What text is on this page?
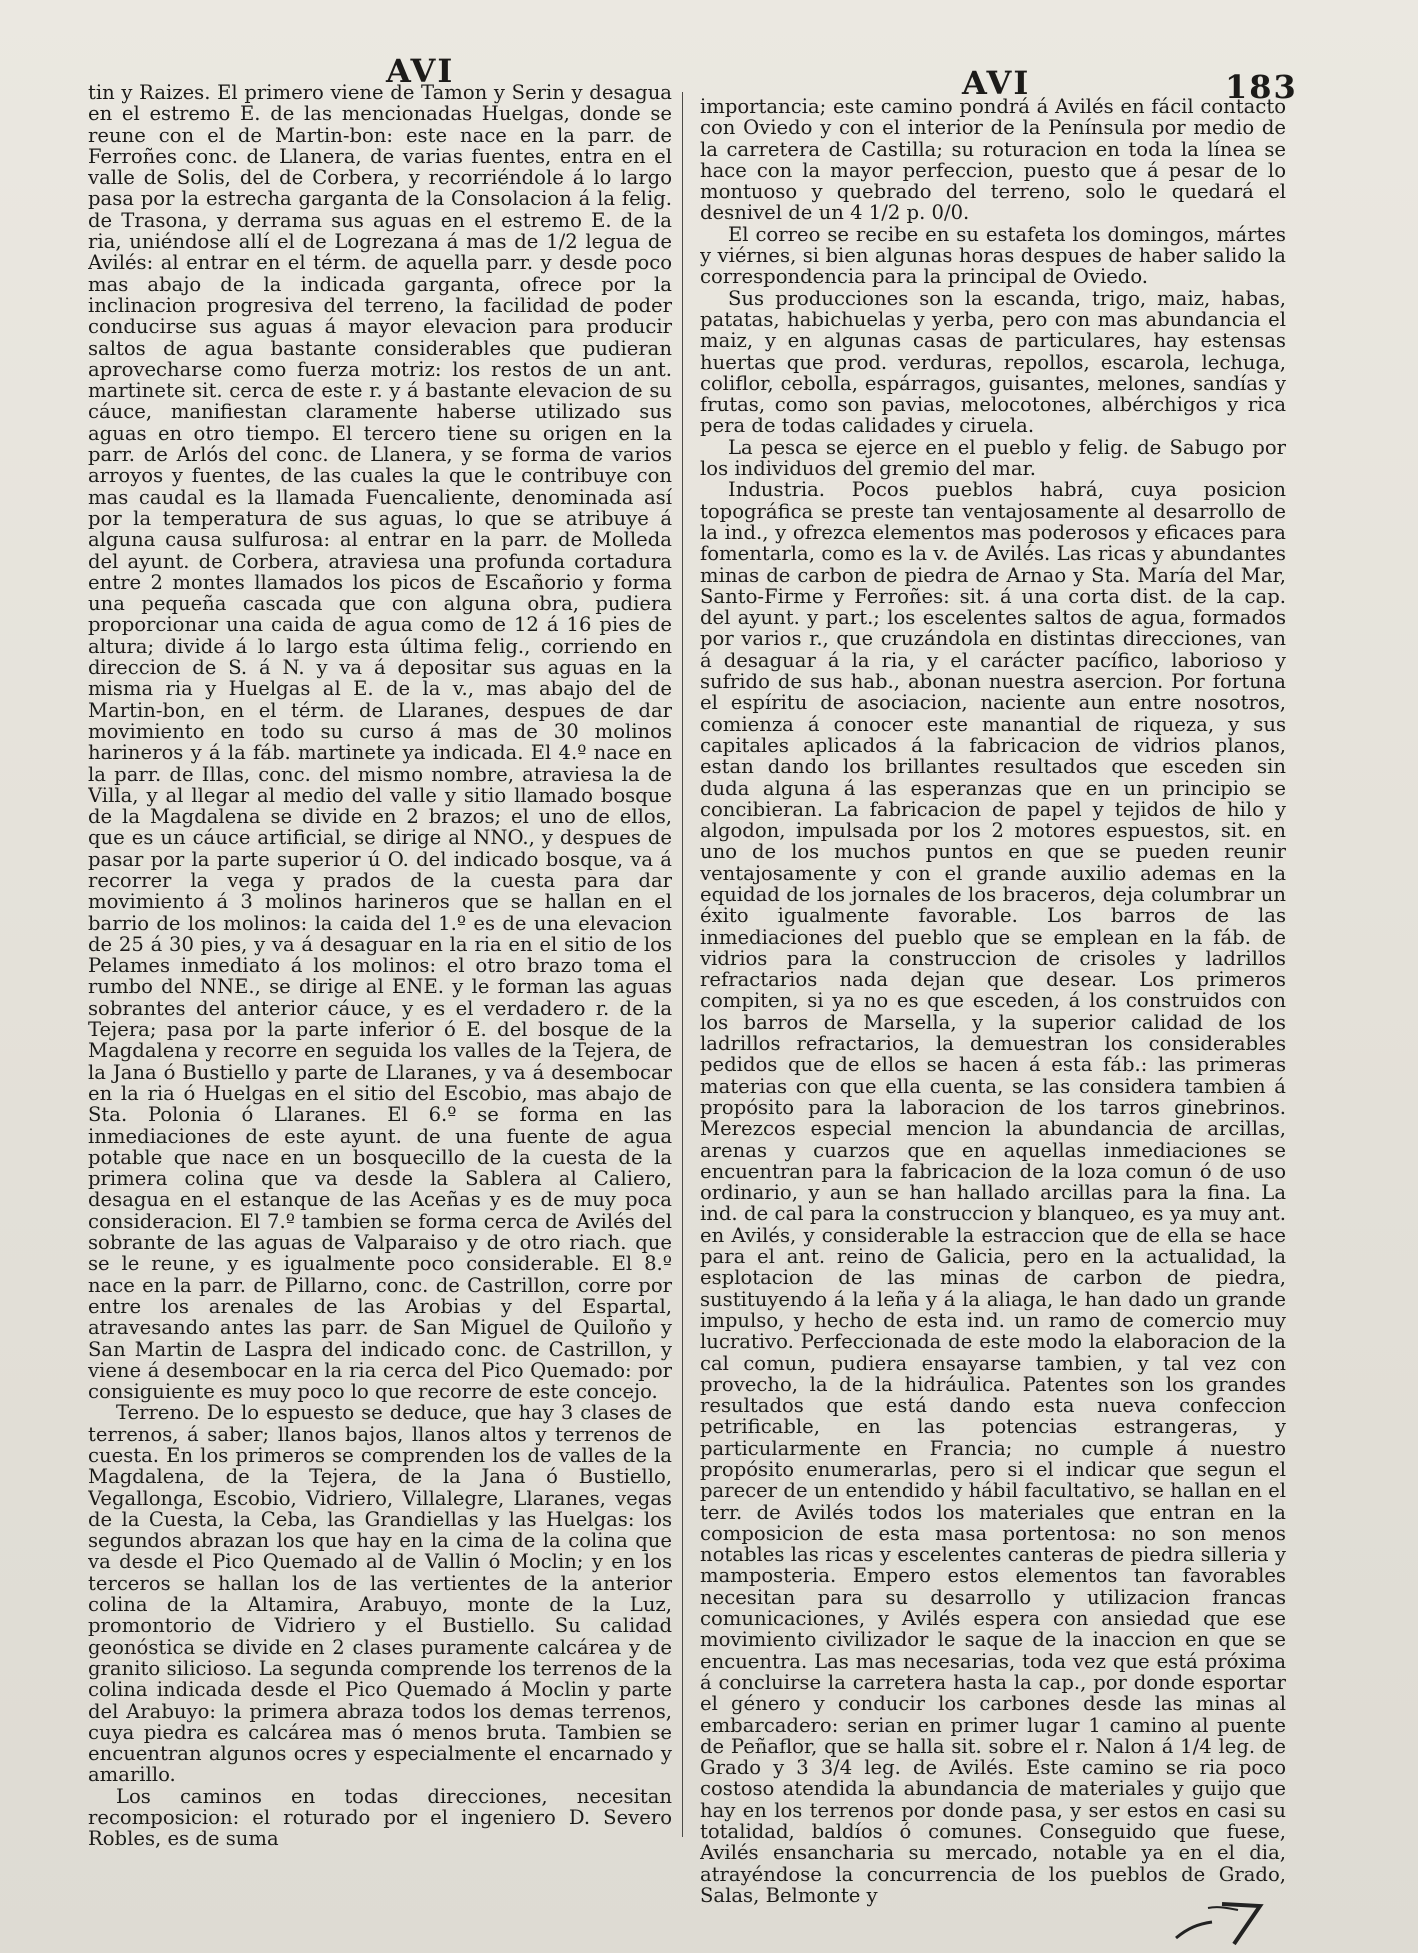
AVI	AVI	183

tin y Raizes. El primero viene de Tamon y Serin y desagua en el estremo E. de las mencionadas Huelgas, donde se reune con el de Martin-bon: este nace en la parr. de Ferroñes conc. de Llanera, de varias fuentes, entra en el valle de Solis, del de Corbera, y recorriéndole á lo largo pasa por la estrecha garganta de la Consolacion á la felig. de Trasona, y derrama sus aguas en el estremo E. de la ria, uniéndose allí el de Logrezana á mas de 1/2 legua de Avilés: al entrar en el térm. de aquella parr. y desde poco mas abajo de la indicada garganta, ofrece por la inclinacion progresiva del terreno, la facilidad de poder conducirse sus aguas á mayor elevacion para producir saltos de agua bastante considerables que pudieran aprovecharse como fuerza motriz: los restos de un ant. martinete sit. cerca de este r. y á bastante elevacion de su cáuce, manifiestan claramente haberse utilizado sus aguas en otro tiempo. El tercero tiene su origen en la parr. de Arlós del conc. de Llanera, y se forma de varios arroyos y fuentes, de las cuales la que le contribuye con mas caudal es la llamada Fuencaliente, denominada así por la temperatura de sus aguas, lo que se atribuye á alguna causa sulfurosa: al entrar en la parr. de Molleda del ayunt. de Corbera, atraviesa una profunda cortadura entre 2 montes llamados los picos de Escañorio y forma una pequeña cascada que con alguna obra, pudiera proporcionar una caida de agua como de 12 á 16 pies de altura; divide á lo largo esta última felig., corriendo en direccion de S. á N. y va á depositar sus aguas en la misma ria y Huelgas al E. de la v., mas abajo del de Martin-bon, en el térm. de Llaranes, despues de dar movimiento en todo su curso á mas de 30 molinos harineros y á la fáb. martinete ya indicada. El 4.º nace en la parr. de Illas, conc. del mismo nombre, atraviesa la de Villa, y al llegar al medio del valle y sitio llamado bosque de la Magdalena se divide en 2 brazos; el uno de ellos, que es un cáuce artificial, se dirige al NNO., y despues de pasar por la parte superior ú O. del indicado bosque, va á recorrer la vega y prados de la cuesta para dar movimiento á 3 molinos harineros que se hallan en el barrio de los molinos: la caida del 1.º es de una elevacion de 25 á 30 pies, y va á desaguar en la ria en el sitio de los Pelames inmediato á los molinos: el otro brazo toma el rumbo del NNE., se dirige al ENE. y le forman las aguas sobrantes del anterior cáuce, y es el verdadero r. de la Tejera; pasa por la parte inferior ó E. del bosque de la Magdalena y recorre en seguida los valles de la Tejera, de la Jana ó Bustiello y parte de Llaranes, y va á desembocar en la ria ó Huelgas en el sitio del Escobio, mas abajo de Sta. Polonia ó Llaranes. El 6.º se forma en las inmediaciones de este ayunt. de una fuente de agua potable que nace en un bosquecillo de la cuesta de la primera colina que va desde la Sablera al Caliero, desagua en el estanque de las Aceñas y es de muy poca consideracion. El 7.º tambien se forma cerca de Avilés del sobrante de las aguas de Valparaiso y de otro riach. que se le reune, y es igualmente poco considerable. El 8.º nace en la parr. de Pillarno, conc. de Castrillon, corre por entre los arenales de las Arobias y del Espartal, atravesando antes las parr. de San Miguel de Quiloño y San Martin de Laspra del indicado conc. de Castrillon, y viene á desembocar en la ria cerca del Pico Quemado: por consiguiente es muy poco lo que recorre de este concejo.

Terreno. De lo espuesto se deduce, que hay 3 clases de terrenos, á saber; llanos bajos, llanos altos y terrenos de cuesta. En los primeros se comprenden los de valles de la Magdalena, de la Tejera, de la Jana ó Bustiello, Vegallonga, Escobio, Vidriero, Villalegre, Llaranes, vegas de la Cuesta, la Ceba, las Grandiellas y las Huelgas: los segundos abrazan los que hay en la cima de la colina que va desde el Pico Quemado al de Vallin ó Moclin; y en los terceros se hallan los de las vertientes de la anterior colina de la Altamira, Arabuyo, monte de la Luz, promontorio de Vidriero y el Bustiello. Su calidad geonóstica se divide en 2 clases puramente calcárea y de granito silicioso. La segunda comprende los terrenos de la colina indicada desde el Pico Quemado á Moclin y parte del Arabuyo: la primera abraza todos los demas terrenos, cuya piedra es calcárea mas ó menos bruta. Tambien se encuentran algunos ocres y especialmente el encarnado y amarillo.

Los caminos en todas direcciones, necesitan recomposicion: el roturado por el ingeniero D. Severo Robles, es de suma

importancia; este camino pondrá á Avilés en fácil contacto con Oviedo y con el interior de la Península por medio de la carretera de Castilla; su roturacion en toda la línea se hace con la mayor perfeccion, puesto que á pesar de lo montuoso y quebrado del terreno, solo le quedará el desnivel de un 4 1/2 p. 0/0.

El correo se recibe en su estafeta los domingos, mártes y viérnes, si bien algunas horas despues de haber salido la correspondencia para la principal de Oviedo.

Sus producciones son la escanda, trigo, maiz, habas, patatas, habichuelas y yerba, pero con mas abundancia el maiz, y en algunas casas de particulares, hay estensas huertas que prod. verduras, repollos, escarola, lechuga, coliflor, cebolla, espárragos, guisantes, melones, sandías y frutas, como son pavias, melocotones, albérchigos y rica pera de todas calidades y ciruela.

La pesca se ejerce en el pueblo y felig. de Sabugo por los individuos del gremio del mar.

Industria. Pocos pueblos habrá, cuya posicion topográfica se preste tan ventajosamente al desarrollo de la ind., y ofrezca elementos mas poderosos y eficaces para fomentarla, como es la v. de Avilés. Las ricas y abundantes minas de carbon de piedra de Arnao y Sta. María del Mar, Santo-Firme y Ferroñes: sit. á una corta dist. de la cap. del ayunt. y part.; los escelentes saltos de agua, formados por varios r., que cruzándola en distintas direcciones, van á desaguar á la ria, y el carácter pacífico, laborioso y sufrido de sus hab., abonan nuestra asercion. Por fortuna el espíritu de asociacion, naciente aun entre nosotros, comienza á conocer este manantial de riqueza, y sus capitales aplicados á la fabricacion de vidrios planos, estan dando los brillantes resultados que esceden sin duda alguna á las esperanzas que en un principio se concibieran. La fabricacion de papel y tejidos de hilo y algodon, impulsada por los 2 motores espuestos, sit. en uno de los muchos puntos en que se pueden reunir ventajosamente y con el grande auxilio ademas en la equidad de los jornales de los braceros, deja columbrar un éxito igualmente favorable. Los barros de las inmediaciones del pueblo que se emplean en la fáb. de vidrios para la construccion de crisoles y ladrillos refractarios nada dejan que desear. Los primeros compiten, si ya no es que esceden, á los construidos con los barros de Marsella, y la superior calidad de los ladrillos refractarios, la demuestran los considerables pedidos que de ellos se hacen á esta fáb.: las primeras materias con que ella cuenta, se las considera tambien á propósito para la laboracion de los tarros ginebrinos. Merezcos especial mencion la abundancia de arcillas, arenas y cuarzos que en aquellas inmediaciones se encuentran para la fabricacion de la loza comun ó de uso ordinario, y aun se han hallado arcillas para la fina. La ind. de cal para la construccion y blanqueo, es ya muy ant. en Avilés, y considerable la estraccion que de ella se hace para el ant. reino de Galicia, pero en la actualidad, la esplotacion de las minas de carbon de piedra, sustituyendo á la leña y á la aliaga, le han dado un grande impulso, y hecho de esta ind. un ramo de comercio muy lucrativo. Perfeccionada de este modo la elaboracion de la cal comun, pudiera ensayarse tambien, y tal vez con provecho, la de la hidráulica. Patentes son los grandes resultados que está dando esta nueva confeccion petrificable, en las potencias estrangeras, y particularmente en Francia; no cumple á nuestro propósito enumerarlas, pero si el indicar que segun el parecer de un entendido y hábil facultativo, se hallan en el terr. de Avilés todos los materiales que entran en la composicion de esta masa portentosa: no son menos notables las ricas y escelentes canteras de piedra silleria y mamposteria. Empero estos elementos tan favorables necesitan para su desarrollo y utilizacion francas comunicaciones, y Avilés espera con ansiedad que ese movimiento civilizador le saque de la inaccion en que se encuentra. Las mas necesarias, toda vez que está próxima á concluirse la carretera hasta la cap., por donde esportar el género y conducir los carbones desde las minas al embarcadero: serian en primer lugar 1 camino al puente de Peñaflor, que se halla sit. sobre el r. Nalon á 1/4 leg. de Grado y 3 3/4 leg. de Avilés. Este camino se ria poco costoso atendida la abundancia de materiales y guijo que hay en los terrenos por donde pasa, y ser estos en casi su totalidad, baldíos ó comunes. Conseguido que fuese, Avilés ensancharia su mercado, notable ya en el dia, atrayéndose la concurrencia de los pueblos de Grado, Salas, Belmonte y
